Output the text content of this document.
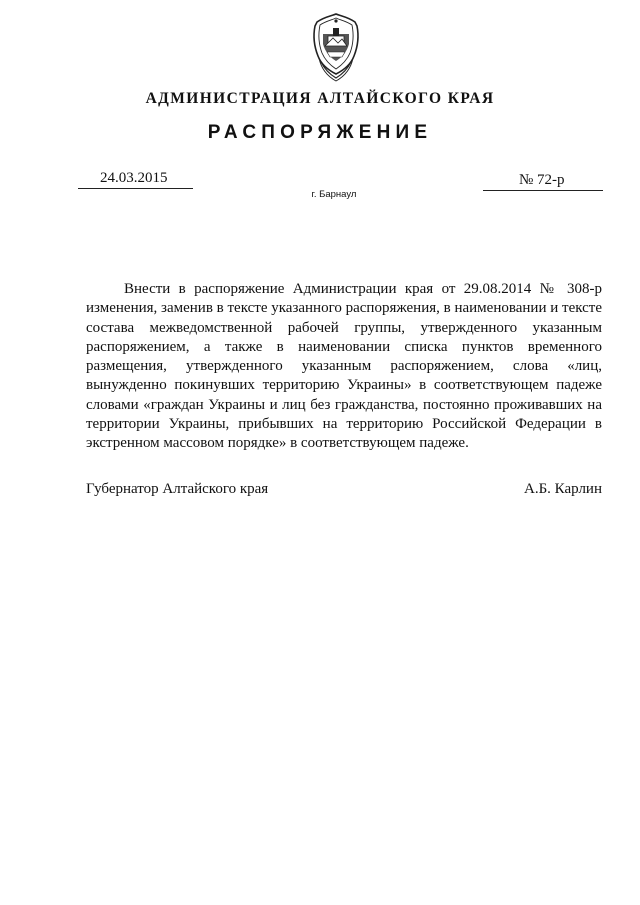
АДМИНИСТРАЦИЯ АЛТАЙСКОГО КРАЯ
РАСПОРЯЖЕНИЕ
24.03.2015	№ 72-р
г. Барнаул

Внести в распоряжение Администрации края от 29.08.2014 № 308-р изменения, заменив в тексте указанного распоряжения, в наименовании и тексте состава межведомственной рабочей группы, утвержденного указанным распоряжением, а также в наименовании списка пунктов временного размещения, утвержденного указанным распоряжением, слова «лиц, вынужденно покинувших территорию Украины» в соответствующем падеже словами «граждан Украины и лиц без гражданства, постоянно проживавших на территории Украины, прибывших на территорию Российской Федерации в экстренном массовом порядке» в соответствующем падеже.

Губернатор Алтайского края	А.Б. Карлин
